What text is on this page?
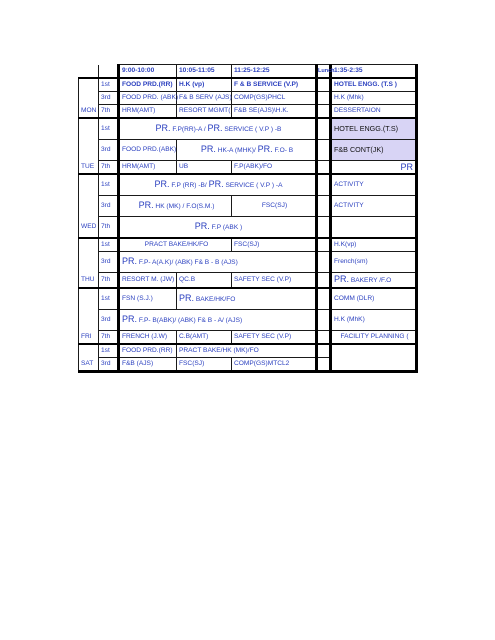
		9:00-10:00	10:05-11:05	11:25-12:25	Lunch	1:35-2:35
	1st	FOOD PRD.(RR)	H.K (vp)	F & B SERVICE (V.P)		HOTEL ENGG. (T.S )
	3rd	FOOD PRD. (ABK)	F& B SERV (AJS)	COMP(GS)PHCL		H.K (Mhk)
MON	7th	HRM(AMT)	RESORT MGMT(	F&B SE(AJS)\H.K.		DESSERTAION
	1st	PR. F.P(RR)-A / PR. SERVICE ( V.P ) -B				HOTEL ENGG.(T.S)
	3rd	FOOD PRD.(ABK)	PR. HK-A (MHK)/ PR. F.O- B			F&B CONT(JK)
TUE	7th	HRM(AMT)	UB	F.P(ABK)/FO		PR
	1st	PR. F.P (RR) -B/ PR. SERVICE ( V.P ) -A				ACTIVITY
	3rd	PR. HK (MK) / F.O(S.M.)		FSC(SJ)		ACTIVITY
WED	7th	PR. F.P (ABK )				
	1st	PRACT BAKE/HK/FO		FSC(SJ)		H.K(vp)
	3rd	PR. F.P- A(A.K)/ (ABK) F& B - B (AJS)				French(sm)
THU	7th	RESORT M. (JW)	QC.B	SAFETY SEC (V.P)		PR. BAKERY /F.O
	1st	FSN (S.J.)	PR. BAKE/HK/FO			COMM (DLR)
	3rd	PR. F.P- B(ABK)/ (ABK) F& B - A/ (AJS)				H.K (MhK)
FRI	7th	FRENCH (J.W)	C.B(AMT)	SAFETY SEC (V.P)		FACILITY PLANNING (
	1st	FOOD PRD.(RR)	PRACT BAKE/HK (MK)/FO			
SAT	3rd	F&B (AJS)	FSC(SJ)	COMP(GS)MTCL2		
